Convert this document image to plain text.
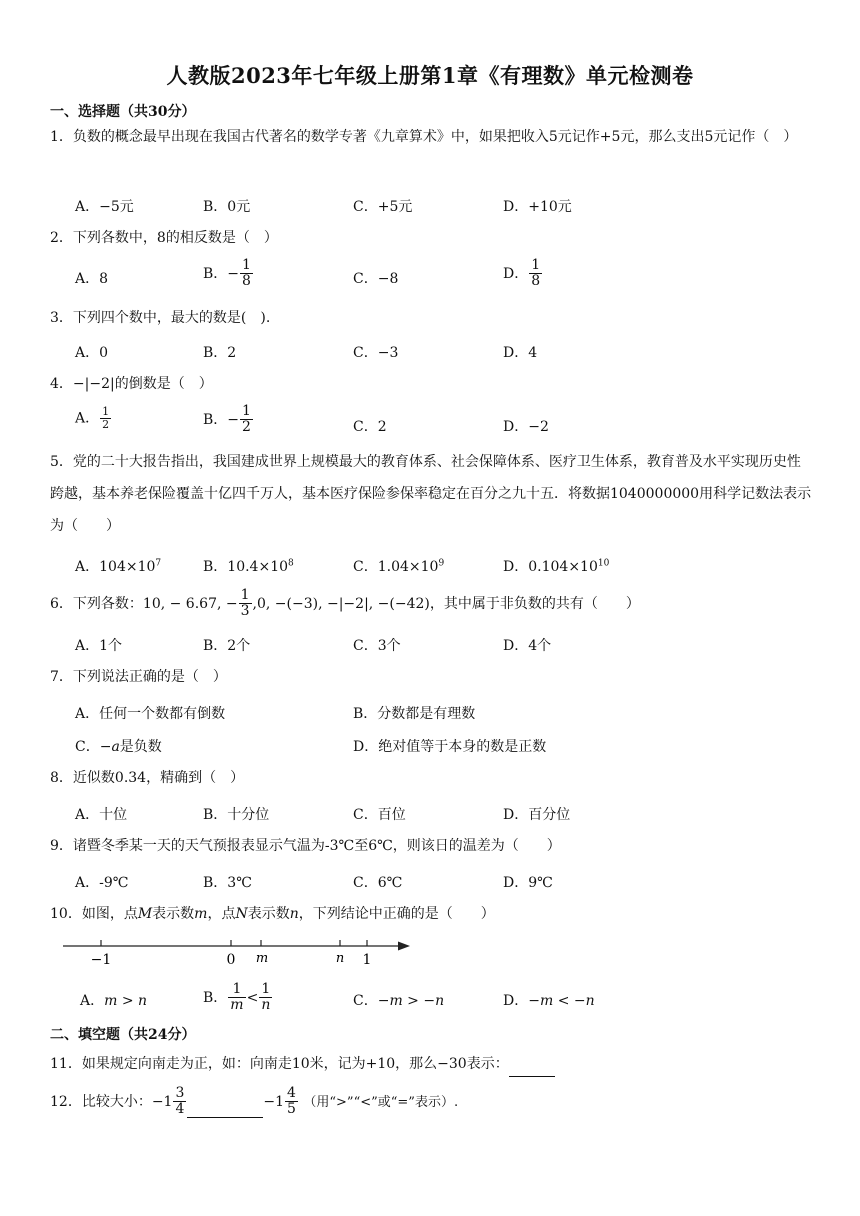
人教版2023年七年级上册第1章《有理数》单元检测卷
一、选择题（共30分）
1．负数的概念最早出现在我国古代著名的数学专著《九章算术》中，如果把收入5元记作+5元，那么支出5元记作（　）
A．−5元	B．0元	C．+5元	D．+10元
2．下列各数中，8的相反数是（　）
A．8	B．− $\frac{1}{8}$	C．−8	D． $\frac{1}{8}$
3．下列四个数中，最大的数是(　).
A．0	B．2	C．−3	D．4
4．−|−2|的倒数是（　）
A． $\frac{1}{2}$	B．− $\frac{1}{2}$	C．2	D．−2
5．党的二十大报告指出，我国建成世界上规模最大的教育体系、社会保障体系、医疗卫生体系，教育普及水平实现历史性跨越，基本养老保险覆盖十亿四千万人，基本医疗保险参保率稳定在百分之九十五．将数据1040000000用科学记数法表示为（　　）
A．$104\times 10^7$	B．$10.4\times 10^8$	C．$1.04\times 10^9$	D．$0.104\times 10^{10}$
6．下列各数：10, − 6.67, − $\frac{1}{3} ,0$, −(−3), −|−2|, −(−42)，其中属于非负数的共有（　　）
A．1个	B．2个	C．3个	D．4个
7．下列说法正确的是（　）
A．任何一个数都有倒数	B．分数都是有理数
C．−a是负数	D．绝对值等于本身的数是正数
8．近似数0.34，精确到（　）
A．十位	B．十分位	C．百位	D．百分位
9．诸暨冬季某一天的天气预报表显示气温为-3℃至6℃，则该日的温差为（　　）
A．-9℃	B．3℃	C．6℃	D．9℃
10．如图，点M表示数m，点N表示数n，下列结论中正确的是（　　）
−1	0 m	n 1
A．m > n	B． $\frac{1}{m} < \frac{1}{n}$	C．−m > −n	D．−m < −n
二、填空题（共24分）
11．如果规定向南走为正，如：向南走10米，记为+10，那么−30表示：
12．比较大小：$-1 \frac{3}{4}$	$-1 \frac{4}{5}$ （用“>”“<”或“=”表示）.
